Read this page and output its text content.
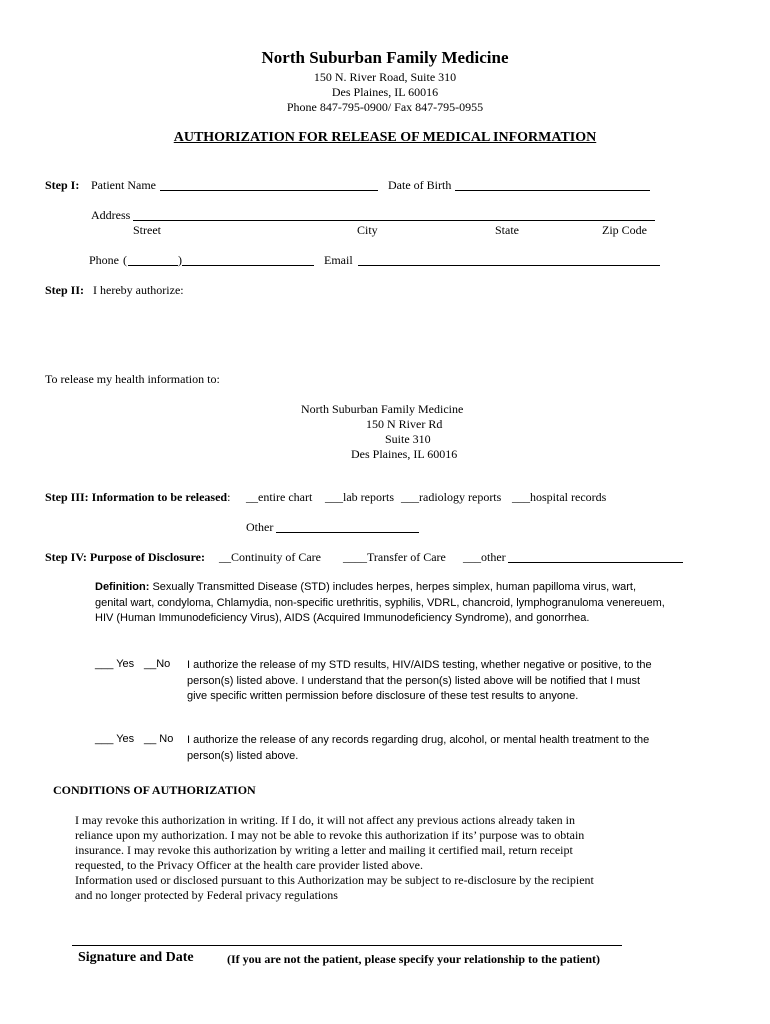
North Suburban Family Medicine
150 N. River Road, Suite 310
Des Plaines, IL 60016
Phone 847-795-0900/ Fax 847-795-0955
AUTHORIZATION FOR RELEASE OF MEDICAL INFORMATION
Step I: Patient Name	Date of Birth
Address
Street	City	State	Zip Code
Phone (	)	Email
Step II: I hereby authorize:
To release my health information to:
North Suburban Family Medicine
150 N River Rd
Suite 310
Des Plaines, IL 60016
Step III: Information to be released: __entire chart ___lab reports ___radiology reports ___hospital records
Other
Step IV: Purpose of Disclosure: __Continuity of Care ____Transfer of Care ___other
Definition: Sexually Transmitted Disease (STD) includes herpes, herpes simplex, human papilloma virus, wart, genital wart, condyloma, Chlamydia, non-specific urethritis, syphilis, VDRL, chancroid, lymphogranuloma venereuem, HIV (Human Immunodeficiency Virus), AIDS (Acquired Immunodeficiency Syndrome), and gonorrhea.
___ Yes __No I authorize the release of my STD results, HIV/AIDS testing, whether negative or positive, to the person(s) listed above. I understand that the person(s) listed above will be notified that I must give specific written permission before disclosure of these test results to anyone.
___ Yes __ No I authorize the release of any records regarding drug, alcohol, or mental health treatment to the person(s) listed above.
CONDITIONS OF AUTHORIZATION
I may revoke this authorization in writing. If I do, it will not affect any previous actions already taken in
reliance upon my authorization. I may not be able to revoke this authorization if its’ purpose was to obtain
insurance. I may revoke this authorization by writing a letter and mailing it certified mail, return receipt
requested, to the Privacy Officer at the health care provider listed above.
Information used or disclosed pursuant to this Authorization may be subject to re-disclosure by the recipient
and no longer protected by Federal privacy regulations
Signature and Date	(If you are not the patient, please specify your relationship to the patient)
